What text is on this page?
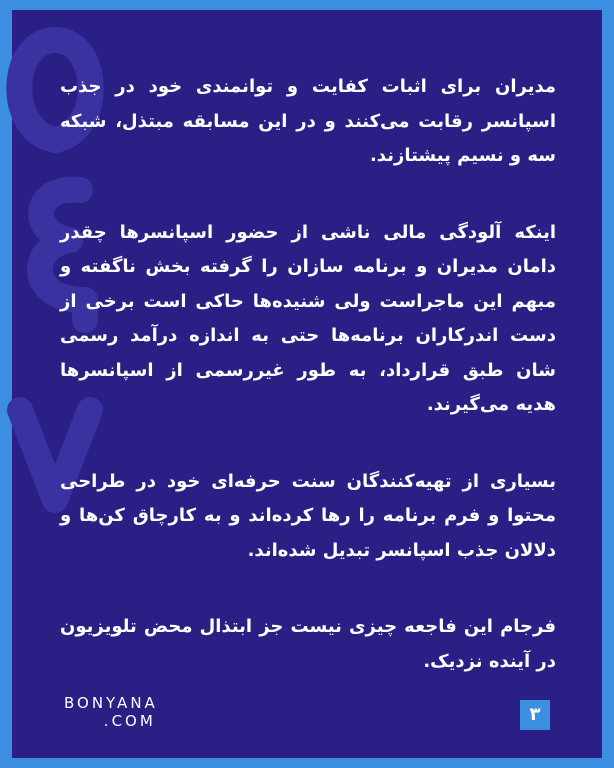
مدیران برای اثبات کفایت و توانمندی خود در جذب اسپانسر رقابت می‌کنند و در این مسابقه مبتذل، شبکه سه و نسیم پیشتازند.

اینکه آلودگی مالی ناشی از حضور اسپانسرها چقدر دامان مدیران و برنامه سازان را گرفته بخش ناگفته و مبهم این ماجراست ولی شنیده‌ها حاکی است برخی از دست اندرکاران برنامه‌ها حتی به اندازه درآمد رسمی شان طبق قرارداد، به طور غیررسمی از اسپانسرها هدیه می‌گیرند.

بسیاری از تهیه‌کنندگان سنت حرفه‌ای خود در طراحی محتوا و فرم برنامه را رها کرده‌اند و به کارچاق کن‌ها و دلالان جذب اسپانسر تبدیل شده‌اند.

فرجام این فاجعه چیزی نیست جز ابتذال محض تلویزیون در آینده نزدیک.

BONYANA
.COM	۳
